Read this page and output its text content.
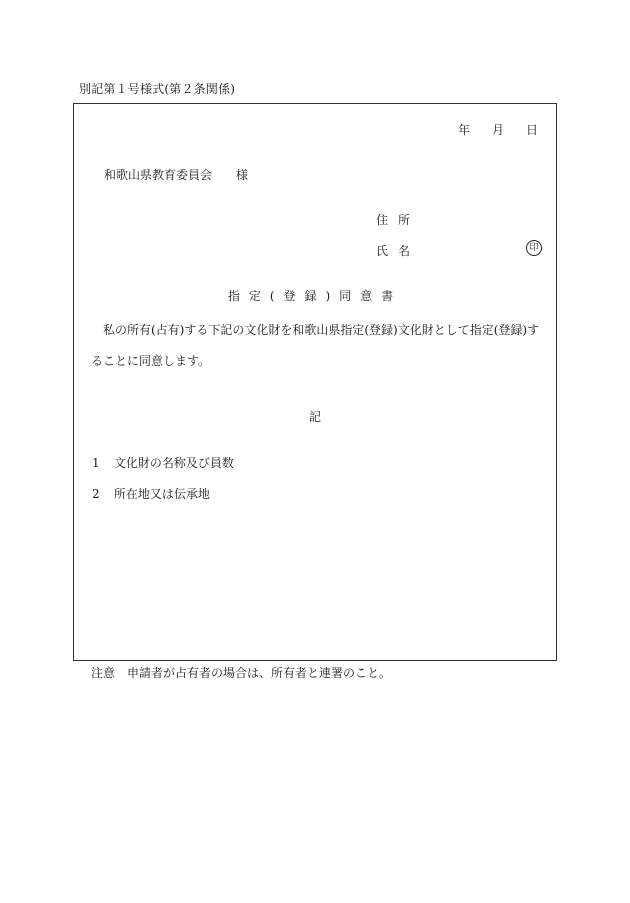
別記第１号様式(第２条関係)
年 月 日
和歌山県教育委員会 様
住所
氏名	印
指定(登録)同意書
私の所有(占有)する下記の文化財を和歌山県指定(登録)文化財として指定(登録)することに同意します。
記
1 文化財の名称及び員数
2 所在地又は伝承地
注意 申請者が占有者の場合は、所有者と連署のこと。
